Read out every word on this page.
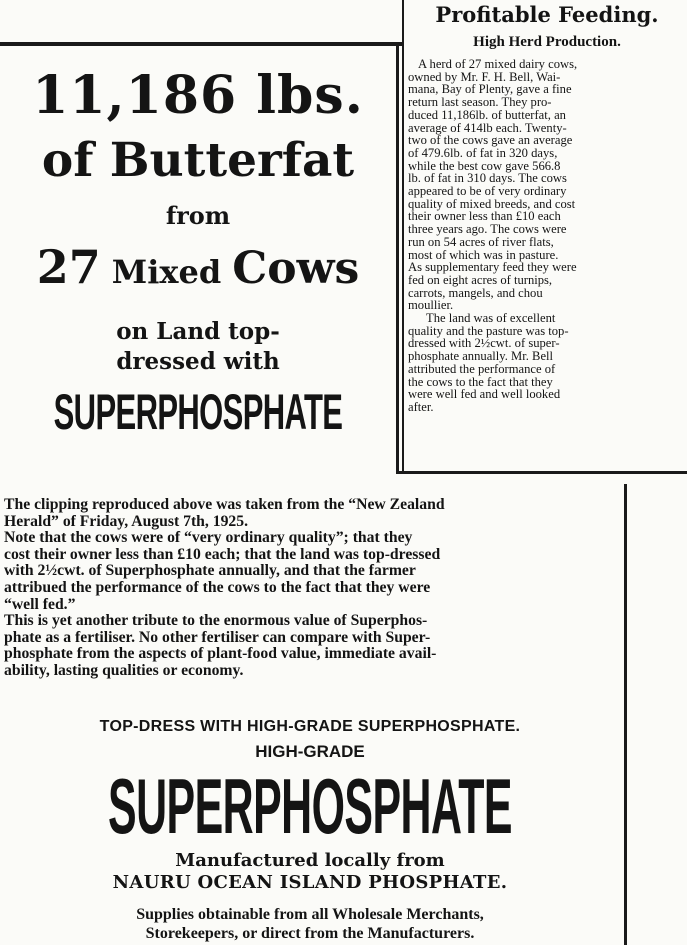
11,186 lbs.
of Butterfat
from
27 Mixed Cows
on Land top-
dressed with
SUPERPHOSPHATE
Profitable Feeding.
High Herd Production.
A herd of 27 mixed dairy cows,
owned by Mr. F. H. Bell, Wai-
mana, Bay of Plenty, gave a fine
return last season. They pro-
duced 11,186lb. of butterfat, an
average of 414lb each. Twenty-
two of the cows gave an average
of 479.6lb. of fat in 320 days,
while the best cow gave 566.8
lb. of fat in 310 days. The cows
appeared to be of very ordinary
quality of mixed breeds, and cost
their owner less than £10 each
three years ago. The cows were
run on 54 acres of river flats,
most of which was in pasture.
As supplementary feed they were
fed on eight acres of turnips,
carrots, mangels, and chou
moullier.
The land was of excellent
quality and the pasture was top-
dressed with 2½cwt. of super-
phosphate annually. Mr. Bell
attributed the performance of
the cows to the fact that they
were well fed and well looked
after.
The clipping reproduced above was taken from the “New Zealand
Herald” of Friday, August 7th, 1925.
Note that the cows were of “very ordinary quality”; that they
cost their owner less than £10 each; that the land was top-dressed
with 2½cwt. of Superphosphate annually, and that the farmer
attribued the performance of the cows to the fact that they were
“well fed.”
This is yet another tribute to the enormous value of Superphos-
phate as a fertiliser. No other fertiliser can compare with Super-
phosphate from the aspects of plant-food value, immediate avail-
ability, lasting qualities or economy.
TOP-DRESS WITH HIGH-GRADE SUPERPHOSPHATE.
HIGH-GRADE
SUPERPHOSPHATE
Manufactured locally from
NAURU OCEAN ISLAND PHOSPHATE.
Supplies obtainable from all Wholesale Merchants,
Storekeepers, or direct from the Manufacturers.
